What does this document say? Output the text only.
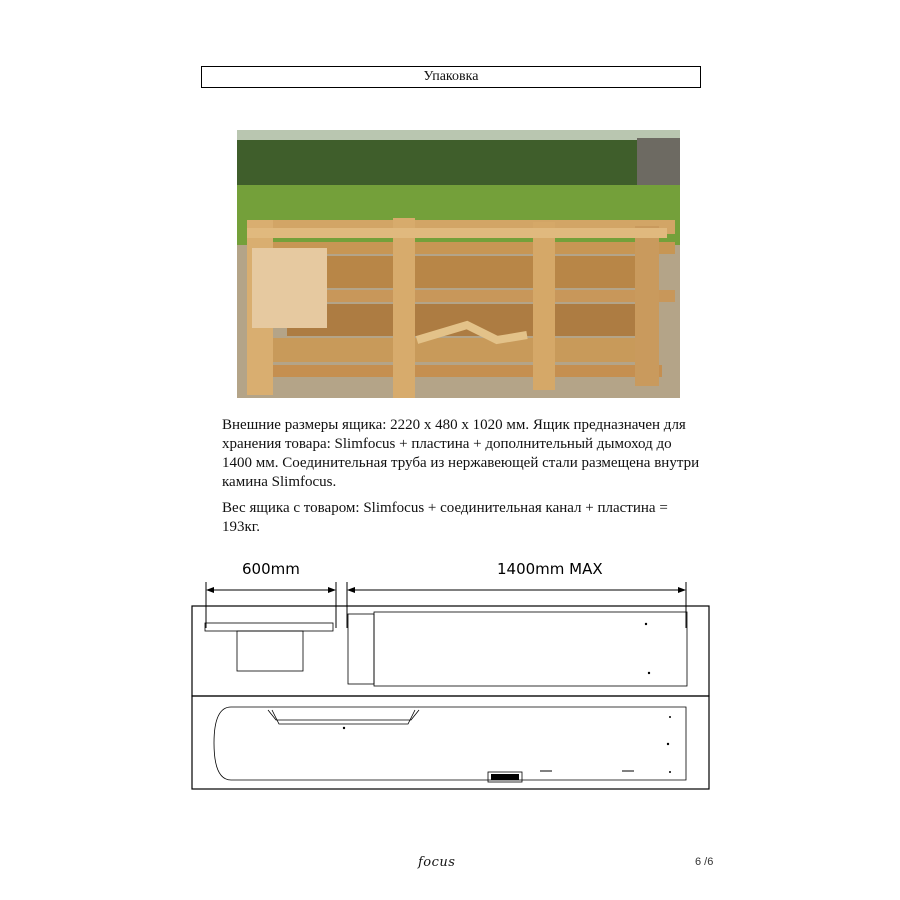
Упаковка

Внешние размеры ящика: 2220 x 480 x 1020 мм. Ящик предназначен для хранения товара: Slimfocus + пластина + дополнительный дымоход до 1400 мм. Соединительная труба из нержавеющей стали размещена внутри камина Slimfocus.

Вес ящика с товаром: Slimfocus + соединительная канал + пластина = 193кг.

600mm	1400mm MAX
focus	6 /6
